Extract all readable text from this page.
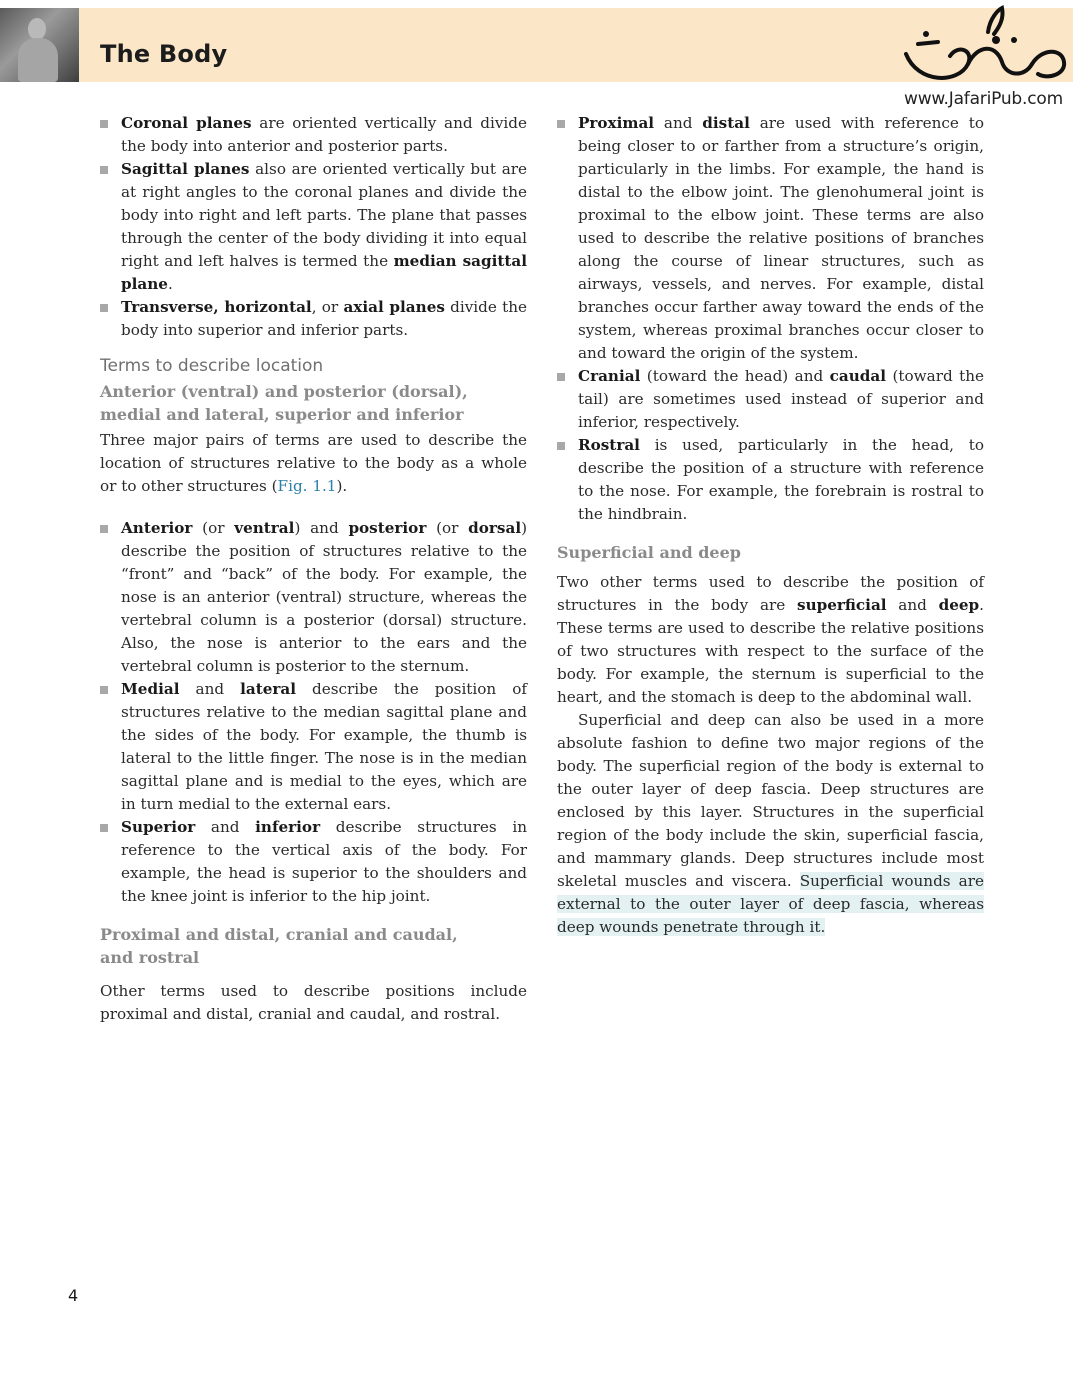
The Body
www.JafariPub.com
Coronal planes are oriented vertically and divide the body into anterior and posterior parts.
Sagittal planes also are oriented vertically but are at right angles to the coronal planes and divide the body into right and left parts. The plane that passes through the center of the body dividing it into equal right and left halves is termed the median sagittal plane.
Transverse, horizontal, or axial planes divide the body into superior and inferior parts.
Terms to describe location
Anterior (ventral) and posterior (dorsal), medial and lateral, superior and inferior

Three major pairs of terms are used to describe the location of structures relative to the body as a whole or to other structures (Fig. 1.1).

Anterior (or ventral) and posterior (or dorsal) describe the position of structures relative to the “front” and “back” of the body. For example, the nose is an anterior (ventral) structure, whereas the vertebral column is a posterior (dorsal) structure. Also, the nose is anterior to the ears and the vertebral column is posterior to the sternum.
Medial and lateral describe the position of structures relative to the median sagittal plane and the sides of the body. For example, the thumb is lateral to the little finger. The nose is in the median sagittal plane and is medial to the eyes, which are in turn medial to the external ears.
Superior and inferior describe structures in reference to the vertical axis of the body. For example, the head is superior to the shoulders and the knee joint is inferior to the hip joint.
Proximal and distal, cranial and caudal, and rostral

Other terms used to describe positions include proximal and distal, cranial and caudal, and rostral.

Proximal and distal are used with reference to being closer to or farther from a structure’s origin, particularly in the limbs. For example, the hand is distal to the elbow joint. The glenohumeral joint is proximal to the elbow joint. These terms are also used to describe the relative positions of branches along the course of linear structures, such as airways, vessels, and nerves. For example, distal branches occur farther away toward the ends of the system, whereas proximal branches occur closer to and toward the origin of the system.
Cranial (toward the head) and caudal (toward the tail) are sometimes used instead of superior and inferior, respectively.
Rostral is used, particularly in the head, to describe the position of a structure with reference to the nose. For example, the forebrain is rostral to the hindbrain.
Superficial and deep

Two other terms used to describe the position of structures in the body are superficial and deep. These terms are used to describe the relative positions of two structures with respect to the surface of the body. For example, the sternum is superficial to the heart, and the stomach is deep to the abdominal wall.

Superficial and deep can also be used in a more absolute fashion to define two major regions of the body. The superficial region of the body is external to the outer layer of deep fascia. Deep structures are enclosed by this layer. Structures in the superficial region of the body include the skin, superficial fascia, and mammary glands. Deep structures include most skeletal muscles and viscera. Superficial wounds are external to the outer layer of deep fascia, whereas deep wounds penetrate through it.

4
